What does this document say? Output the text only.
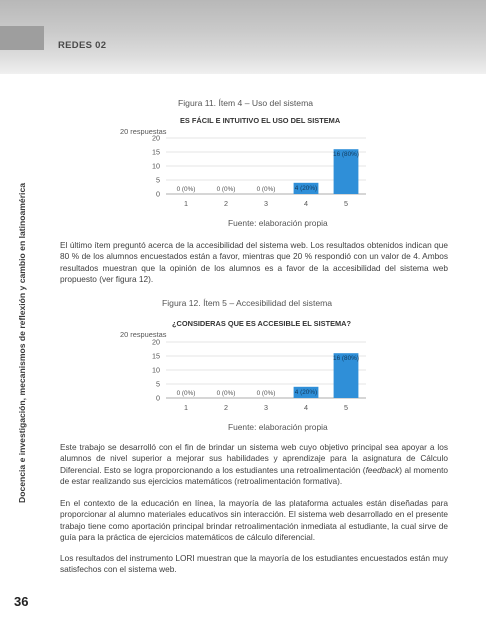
REDES 02
Docencia e investigación, mecanismos de reflexión y cambio en latinoamérica
Figura 11. Ítem 4 – Uso del sistema
ES FÁCIL E INTUITIVO EL USO DEL SISTEMA
20 respuestas
0
5
10
15
20
0 (0%)
1
0 (0%)
2
0 (0%)
3
4 (20%)
4
16 (80%)
5
Fuente: elaboración propia

El último ítem preguntó acerca de la accesibilidad del sistema web. Los resultados obtenidos indican que 80 % de los alumnos encuestados están a favor, mientras que 20 % respondió con un valor de 4. Ambos resultados muestran que la opinión de los alumnos es a favor de la accesibilidad del sistema web propuesto (ver figura 12).

Figura 12. Ítem 5 – Accesibilidad del sistema
¿CONSIDERAS QUE ES ACCESIBLE EL SISTEMA?
20 respuestas
0
5
10
15
20
0 (0%)
1
0 (0%)
2
0 (0%)
3
4 (20%)
4
16 (80%)
5
Fuente: elaboración propia

Este trabajo se desarrolló con el fin de brindar un sistema web cuyo objetivo principal sea apoyar a los alumnos de nivel superior a mejorar sus habilidades y aprendizaje para la asignatura de Cálculo Diferencial. Esto se logra proporcionando a los estudiantes una retroalimentación (feedback) al momento de estar realizando sus ejercicios matemáticos (retroalimentación formativa).

En el contexto de la educación en línea, la mayoría de las plataforma actuales están diseñadas para proporcionar al alumno materiales educativos sin interacción. El sistema web desarrollado en el presente trabajo tiene como aportación principal brindar retroalimentación inmediata al estudiante, la cual sirve de guía para la práctica de ejercicios matemáticos de cálculo diferencial.

Los resultados del instrumento LORI muestran que la mayoría de los estudiantes encuestados están muy satisfechos con el sistema web.

36
